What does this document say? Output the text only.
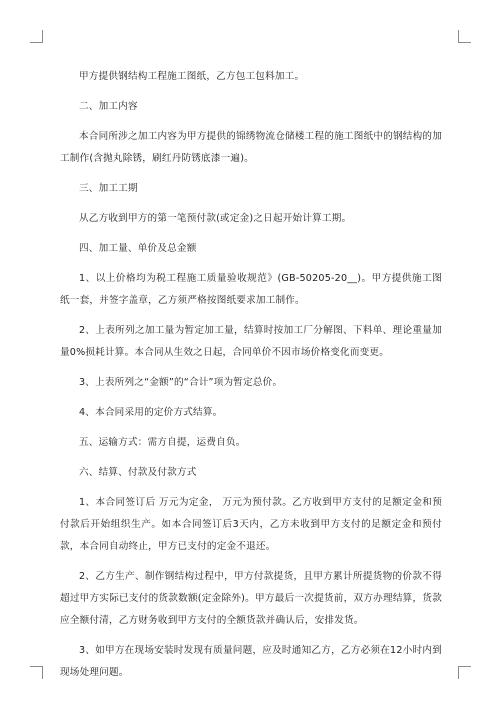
甲方提供钢结构工程施工图纸，乙方包工包料加工。

二、加工内容

本合同所涉之加工内容为甲方提供的锦绣物流仓储楼工程的施工图纸中的钢结构的加工制作(含抛丸除锈，刷红丹防锈底漆一遍)。

三、加工工期

从乙方收到甲方的第一笔预付款(或定金)之日起开始计算工期。

四、加工量、单价及总金额

1、以上价格均为税工程施工质量验收规范》(GB-50205-20__)。甲方提供施工图纸一套，并签字盖章，乙方须严格按图纸要求加工制作。

2、上表所列之加工量为暂定加工量，结算时按加工厂分解图、下料单、理论重量加量0%损耗计算。本合同从生效之日起，合同单价不因市场价格变化而变更。

3、上表所列之“金额”的“合计”项为暂定总价。

4、本合同采用的定价方式结算。

五、运输方式：需方自提，运费自负。

六、结算、付款及付款方式

1、本合同签订后 万元为定金， 万元为预付款。乙方收到甲方支付的足额定金和预付款后开始组织生产。如本合同签订后3天内，乙方未收到甲方支付的足额定金和预付款，本合同自动终止，甲方已支付的定金不退还。

2、乙方生产、制作钢结构过程中，甲方付款提货，且甲方累计所提货物的价款不得超过甲方实际已支付的货款数额(定金除外)。甲方最后一次提货前，双方办理结算，货款应全额付清，乙方财务收到甲方支付的全额货款并确认后，安排发货。

3、如甲方在现场安装时发现有质量问题，应及时通知乙方，乙方必须在12小时内到现场处理问题。
